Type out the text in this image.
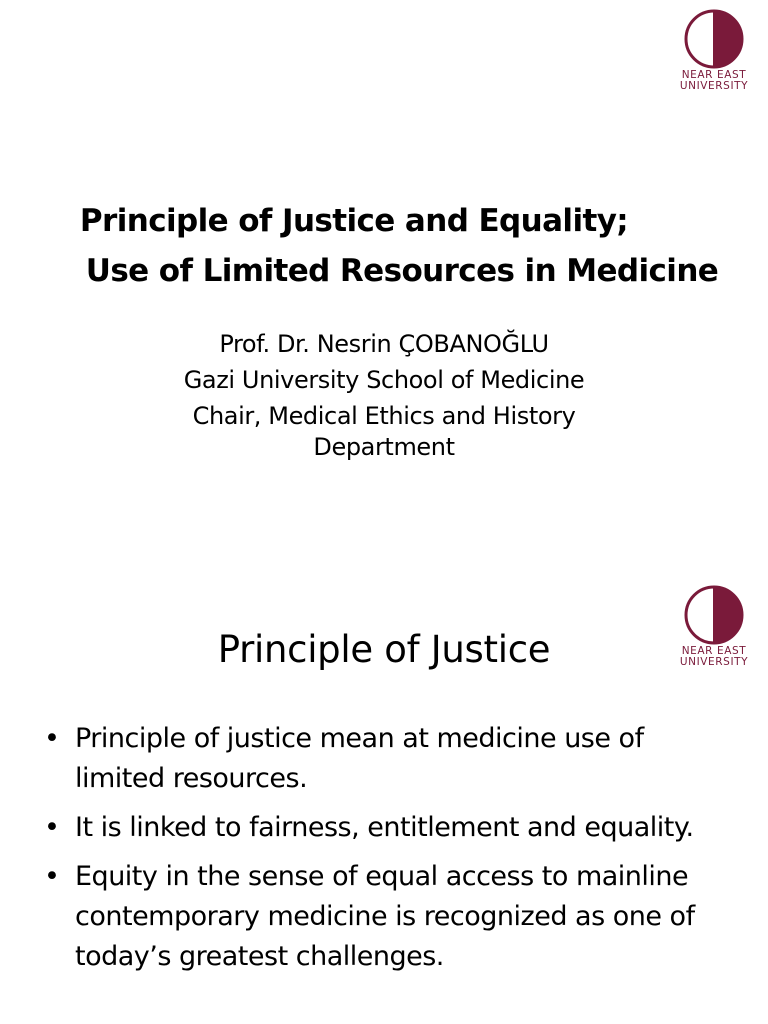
NEAR EAST
UNIVERSITY
Principle of Justice and Equality;
Use of Limited Resources in Medicine
Prof. Dr. Nesrin ÇOBANOĞLU
Gazi University School of Medicine
Chair, Medical Ethics and History
Department
NEAR EAST
UNIVERSITY
Principle of Justice
• Principle of justice mean at medicine use of limited resources.
• It is linked to fairness, entitlement and equality.
• Equity in the sense of equal access to mainline contemporary medicine is recognized as one of today’s greatest challenges.
